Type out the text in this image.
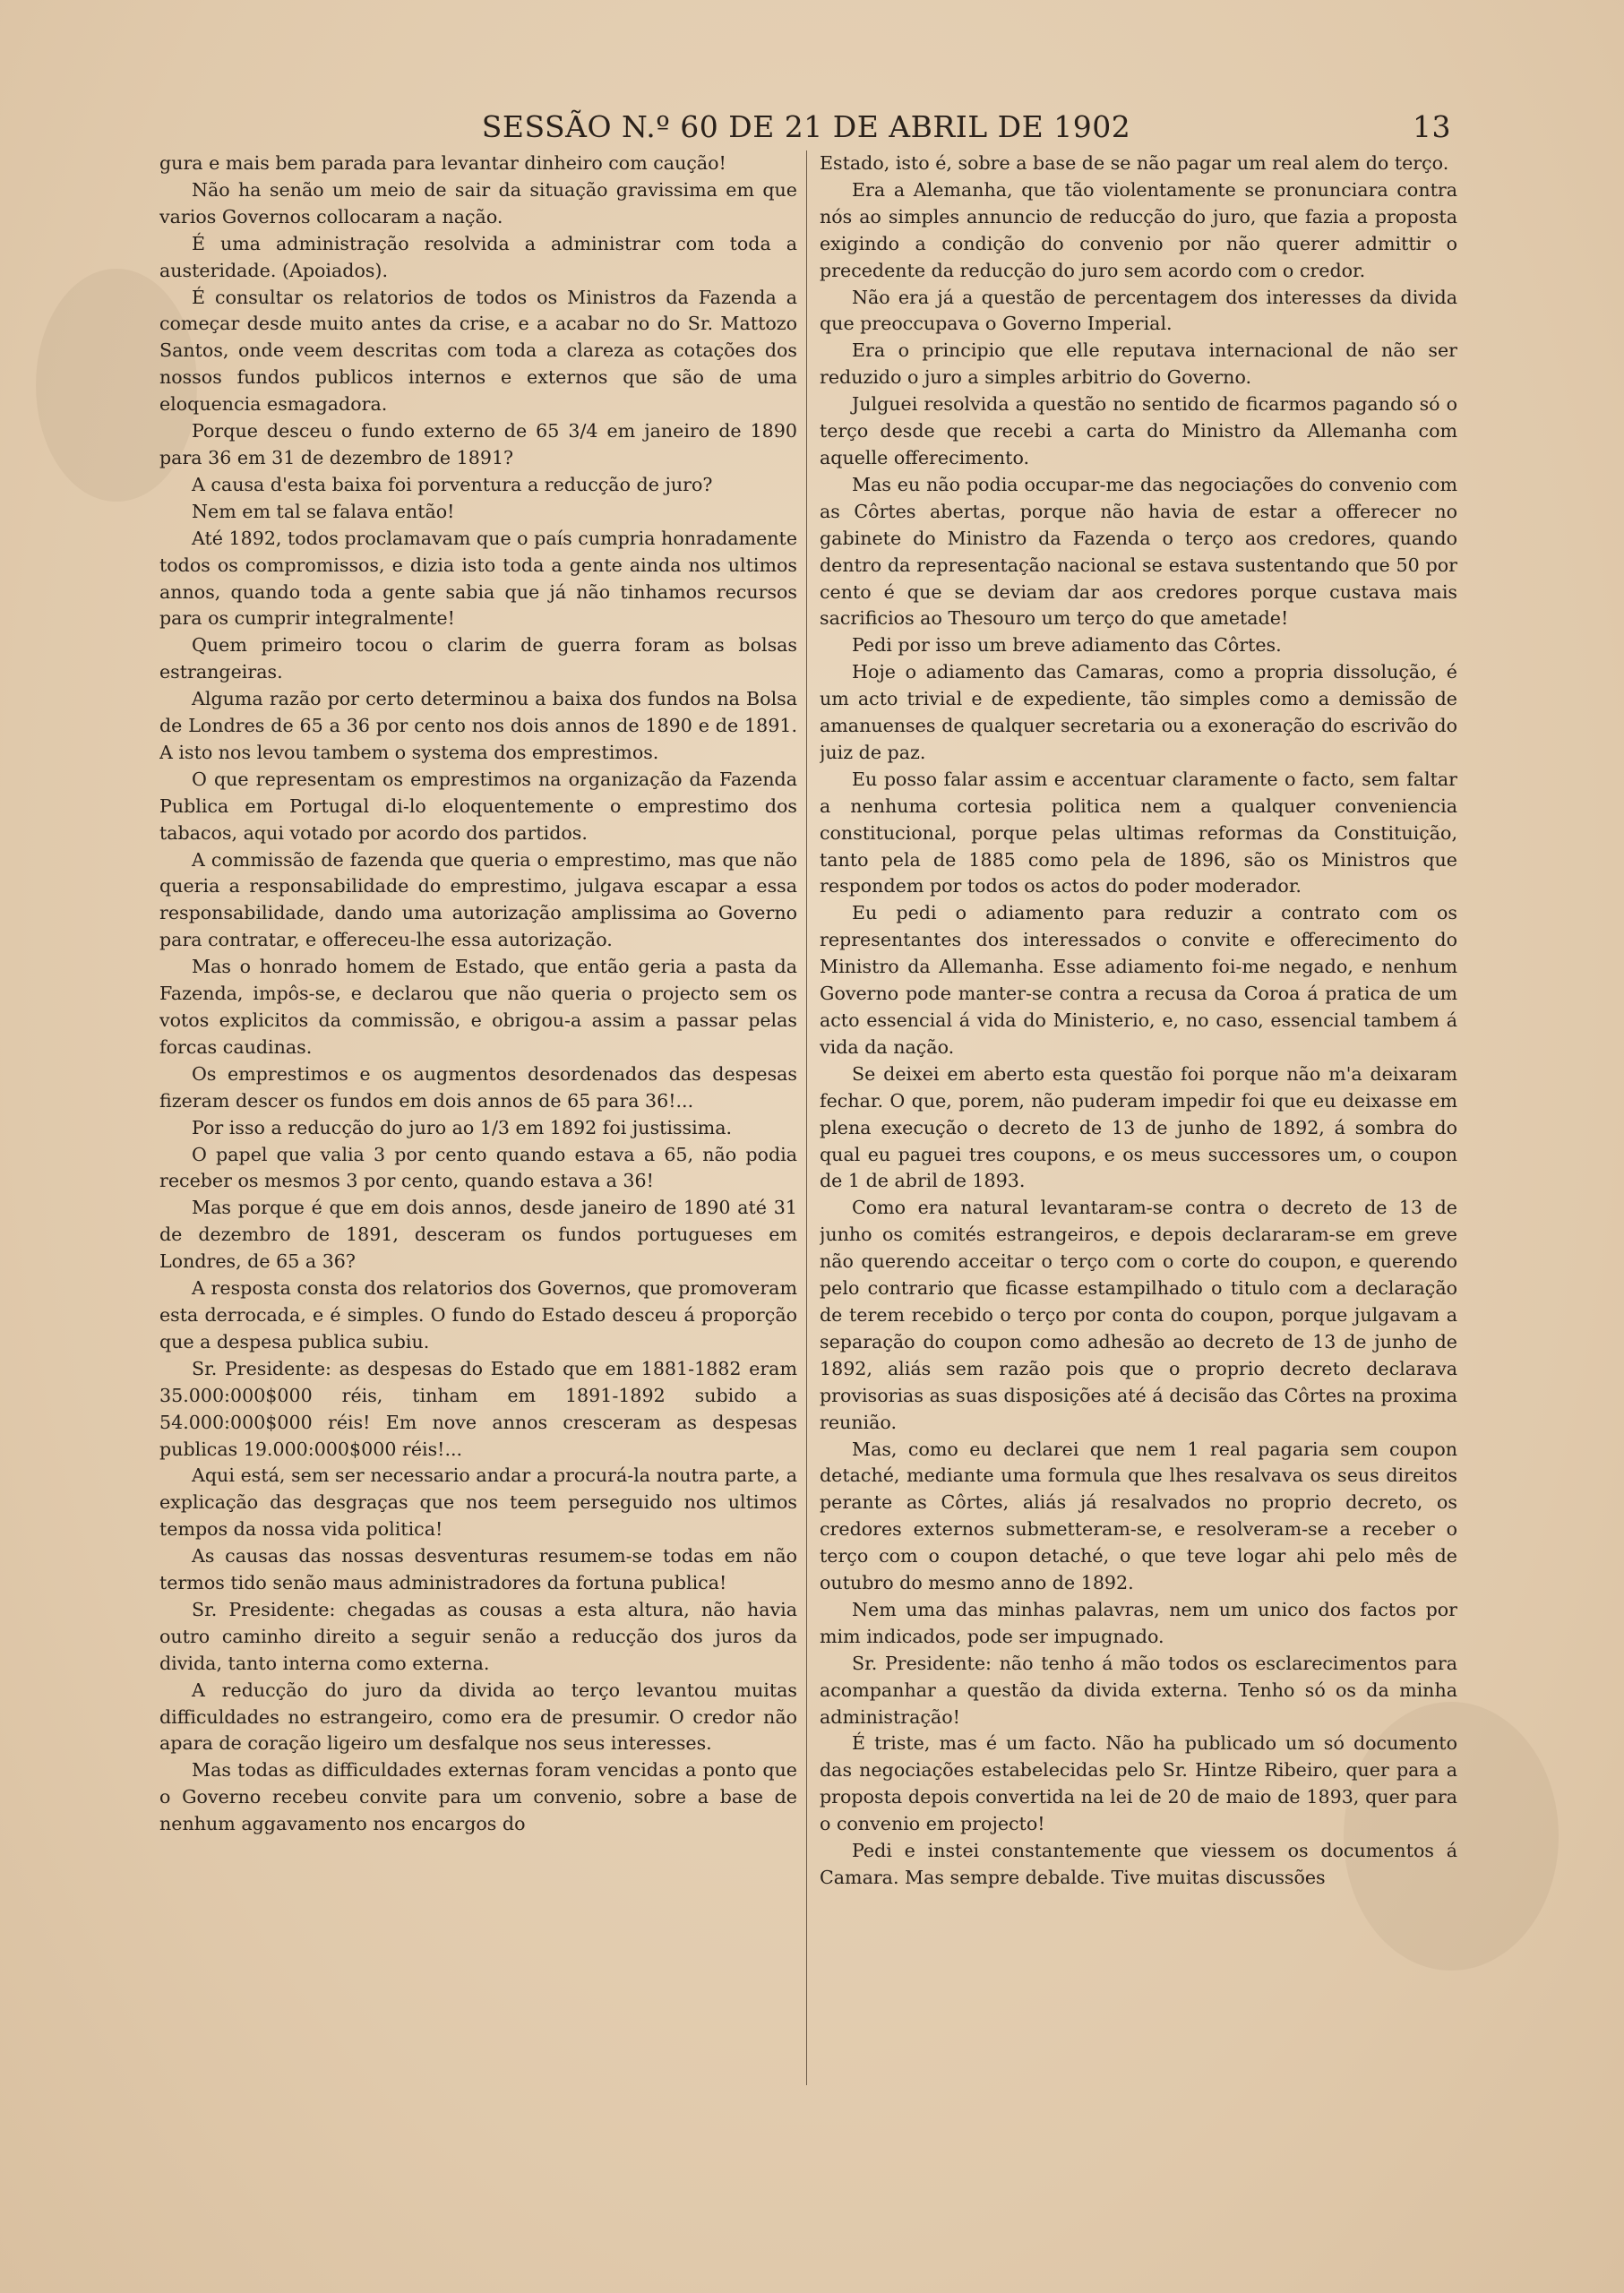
SESSÃO N.º 60 DE 21 DE ABRIL DE 1902	13

gura e mais bem parada para levantar dinheiro com caução!

Não ha senão um meio de sair da situação gravissima em que varios Governos collocaram a nação.

É uma administração resolvida a administrar com toda a austeridade. (Apoiados).

É consultar os relatorios de todos os Ministros da Fazenda a começar desde muito antes da crise, e a acabar no do Sr. Mattozo Santos, onde veem descritas com toda a clareza as cotações dos nossos fundos publicos internos e externos que são de uma eloquencia esmagadora.

Porque desceu o fundo externo de 65 3/4 em janeiro de 1890 para 36 em 31 de dezembro de 1891?

A causa d'esta baixa foi porventura a reducção de juro?

Nem em tal se falava então!

Até 1892, todos proclamavam que o país cumpria honradamente todos os compromissos, e dizia isto toda a gente ainda nos ultimos annos, quando toda a gente sabia que já não tinhamos recursos para os cumprir integralmente!

Quem primeiro tocou o clarim de guerra foram as bolsas estrangeiras.

Alguma razão por certo determinou a baixa dos fundos na Bolsa de Londres de 65 a 36 por cento nos dois annos de 1890 e de 1891. A isto nos levou tambem o systema dos emprestimos.

O que representam os emprestimos na organização da Fazenda Publica em Portugal di-lo eloquentemente o emprestimo dos tabacos, aqui votado por acordo dos partidos.

A commissão de fazenda que queria o emprestimo, mas que não queria a responsabilidade do emprestimo, julgava escapar a essa responsabilidade, dando uma autorização amplissima ao Governo para contratar, e offereceu-lhe essa autorização.

Mas o honrado homem de Estado, que então geria a pasta da Fazenda, impôs-se, e declarou que não queria o projecto sem os votos explicitos da commissão, e obrigou-a assim a passar pelas forcas caudinas.

Os emprestimos e os augmentos desordenados das despesas fizeram descer os fundos em dois annos de 65 para 36!...

Por isso a reducção do juro ao 1/3 em 1892 foi justissima.

O papel que valia 3 por cento quando estava a 65, não podia receber os mesmos 3 por cento, quando estava a 36!

Mas porque é que em dois annos, desde janeiro de 1890 até 31 de dezembro de 1891, desceram os fundos portugueses em Londres, de 65 a 36?

A resposta consta dos relatorios dos Governos, que promoveram esta derrocada, e é simples. O fundo do Estado desceu á proporção que a despesa publica subiu.

Sr. Presidente: as despesas do Estado que em 1881-1882 eram 35.000:000$000 réis, tinham em 1891-1892 subido a 54.000:000$000 réis! Em nove annos cresceram as despesas publicas 19.000:000$000 réis!...

Aqui está, sem ser necessario andar a procurá-la noutra parte, a explicação das desgraças que nos teem perseguido nos ultimos tempos da nossa vida politica!

As causas das nossas desventuras resumem-se todas em não termos tido senão maus administradores da fortuna publica!

Sr. Presidente: chegadas as cousas a esta altura, não havia outro caminho direito a seguir senão a reducção dos juros da divida, tanto interna como externa.

A reducção do juro da divida ao terço levantou muitas difficuldades no estrangeiro, como era de presumir. O credor não apara de coração ligeiro um desfalque nos seus interesses.

Mas todas as difficuldades externas foram vencidas a ponto que o Governo recebeu convite para um convenio, sobre a base de nenhum aggavamento nos encargos do

Estado, isto é, sobre a base de se não pagar um real alem do terço.

Era a Alemanha, que tão violentamente se pronunciara contra nós ao simples annuncio de reducção do juro, que fazia a proposta exigindo a condição do convenio por não querer admittir o precedente da reducção do juro sem acordo com o credor.

Não era já a questão de percentagem dos interesses da divida que preoccupava o Governo Imperial.

Era o principio que elle reputava internacional de não ser reduzido o juro a simples arbitrio do Governo.

Julguei resolvida a questão no sentido de ficarmos pagando só o terço desde que recebi a carta do Ministro da Allemanha com aquelle offerecimento.

Mas eu não podia occupar-me das negociações do convenio com as Côrtes abertas, porque não havia de estar a offerecer no gabinete do Ministro da Fazenda o terço aos credores, quando dentro da representação nacional se estava sustentando que 50 por cento é que se deviam dar aos credores porque custava mais sacrificios ao Thesouro um terço do que ametade!

Pedi por isso um breve adiamento das Côrtes.

Hoje o adiamento das Camaras, como a propria dissolução, é um acto trivial e de expediente, tão simples como a demissão de amanuenses de qualquer secretaria ou a exoneração do escrivão do juiz de paz.

Eu posso falar assim e accentuar claramente o facto, sem faltar a nenhuma cortesia politica nem a qualquer conveniencia constitucional, porque pelas ultimas reformas da Constituição, tanto pela de 1885 como pela de 1896, são os Ministros que respondem por todos os actos do poder moderador.

Eu pedi o adiamento para reduzir a contrato com os representantes dos interessados o convite e offerecimento do Ministro da Allemanha. Esse adiamento foi-me negado, e nenhum Governo pode manter-se contra a recusa da Coroa á pratica de um acto essencial á vida do Ministerio, e, no caso, essencial tambem á vida da nação.

Se deixei em aberto esta questão foi porque não m'a deixaram fechar. O que, porem, não puderam impedir foi que eu deixasse em plena execução o decreto de 13 de junho de 1892, á sombra do qual eu paguei tres coupons, e os meus successores um, o coupon de 1 de abril de 1893.

Como era natural levantaram-se contra o decreto de 13 de junho os comités estrangeiros, e depois declararam-se em greve não querendo acceitar o terço com o corte do coupon, e querendo pelo contrario que ficasse estampilhado o titulo com a declaração de terem recebido o terço por conta do coupon, porque julgavam a separação do coupon como adhesão ao decreto de 13 de junho de 1892, aliás sem razão pois que o proprio decreto declarava provisorias as suas disposições até á decisão das Côrtes na proxima reunião.

Mas, como eu declarei que nem 1 real pagaria sem coupon detaché, mediante uma formula que lhes resalvava os seus direitos perante as Côrtes, aliás já resalvados no proprio decreto, os credores externos submetteram-se, e resolveram-se a receber o terço com o coupon detaché, o que teve logar ahi pelo mês de outubro do mesmo anno de 1892.

Nem uma das minhas palavras, nem um unico dos factos por mim indicados, pode ser impugnado.

Sr. Presidente: não tenho á mão todos os esclarecimentos para acompanhar a questão da divida externa. Tenho só os da minha administração!

É triste, mas é um facto. Não ha publicado um só documento das negociações estabelecidas pelo Sr. Hintze Ribeiro, quer para a proposta depois convertida na lei de 20 de maio de 1893, quer para o convenio em projecto!

Pedi e instei constantemente que viessem os documentos á Camara. Mas sempre debalde. Tive muitas discussões
